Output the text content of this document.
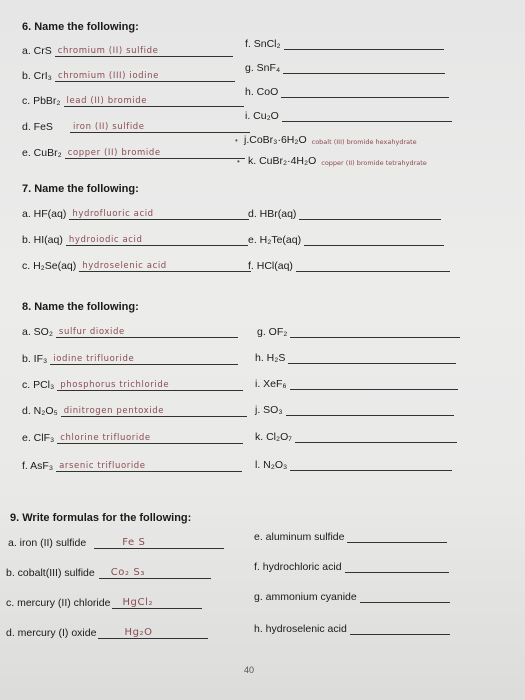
6. Name the following:
a. CrS chromium (II) sulfide
b. CrI₃ chromium (III) iodine
c. PbBr₂ lead (II) bromide
d. FeS iron (II) sulfide
e. CuBr₂ copper (II) bromide
f. SnCl₂
g. SnF₄
h. CoO
i. Cu₂O
• j.CoBr₃·6H₂O cobalt (III) bromide hexahydrate
• k. CuBr₂·4H₂O copper (II) bromide tetrahydrate
7. Name the following:
a. HF(aq) hydrofluoric acid
b. HI(aq) hydroiodic acid
c. H₂Se(aq) hydroselenic acid
d. HBr(aq)
e. H₂Te(aq)
f. HCl(aq)
8. Name the following:
a. SO₂ sulfur dioxide
b. IF₃ iodine trifluoride
c. PCl₃ phosphorus trichloride
d. N₂O₅ dinitrogen pentoxide
e. ClF₃ chlorine trifluoride
f. AsF₃ arsenic trifluoride
g. OF₂
h. H₂S
i. XeF₆
j. SO₃
k. Cl₂O₇
l. N₂O₃
9. Write formulas for the following:
a. iron (II) sulfide	Fe S
b. cobalt(III) sulfide Co₂ S₃
c. mercury (II) chloride HgCl₂
d. mercury (I) oxide	Hg₂O
e. aluminum sulfide
f. hydrochloric acid
g. ammonium cyanide
h. hydroselenic acid
40
